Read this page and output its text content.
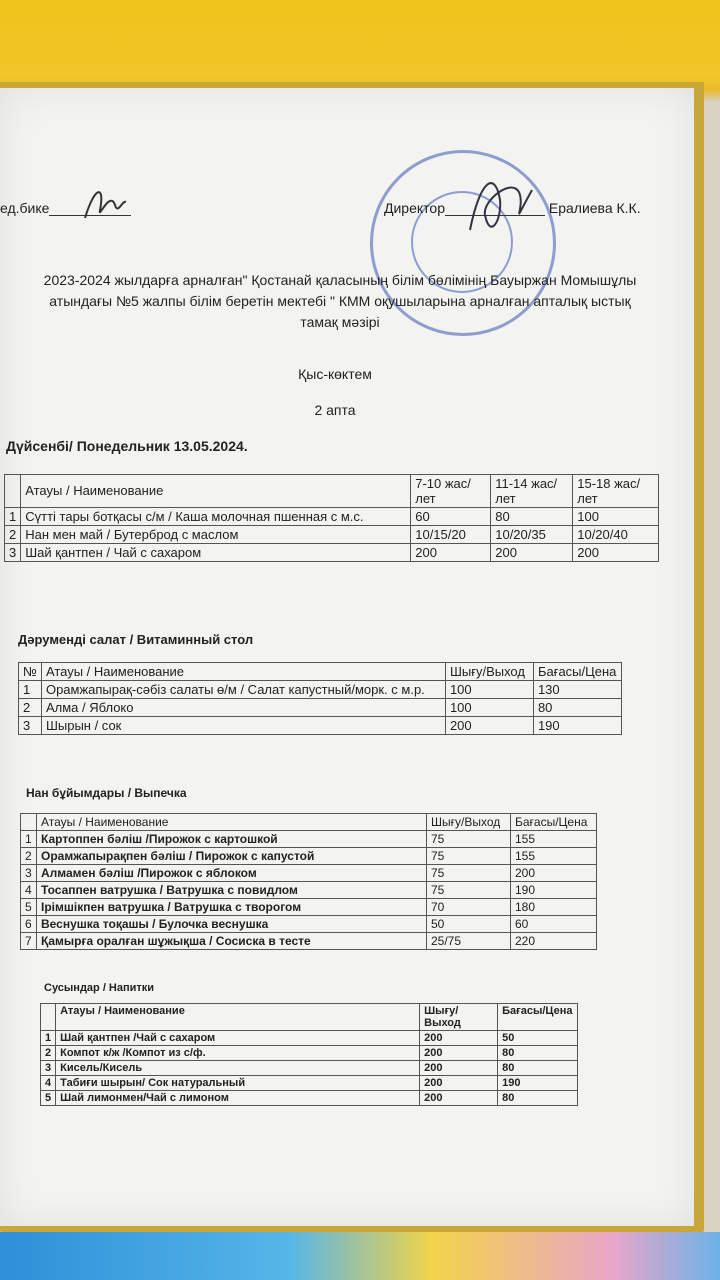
ед.бике	Директор	Ералиева К.К.
2023-2024 жылдарға арналған" Қостанай қаласының білім бөлімінің Бауыржан Момышұлы
атындағы №5 жалпы білім беретін мектебі " КММ оқушыларына арналған апталық ыстық
тамақ мәзірі
Қыс-көктем
2 апта
Дүйсенбі/ Понедельник 13.05.2024.
	Атауы / Наименование	7-10 жас/ лет	11-14 жас/ лет	15-18 жас/ лет
1	Сүтті тары ботқасы с/м / Каша молочная пшенная с м.с.	60	80	100
2	Нан мен май / Бутерброд с маслом	10/15/20	10/20/35	10/20/40
3	Шай қантпен / Чай с сахаром	200	200	200
Дәрумендi салат / Витаминный стол
№	Атауы / Наименование	Шығу/Выход	Бағасы/Цена
1	Орамжапырақ-сәбіз салаты ө/м / Салат капустный/морк. с м.р.	100	130
2	Алма / Яблоко	100	80
3	Шырын / сок	200	190
Нан бұйымдары / Выпечка
	Атауы / Наименование	Шығу/Выход	Бағасы/Цена
1	Картоппен бәліш /Пирожок с картошкой	75	155
2	Орамжапырақпен бәліш / Пирожок с капустой	75	155
3	Алмамен бәліш /Пирожок с яблоком	75	200
4	Тосаппен ватрушка / Ватрушка с повидлом	75	190
5	Ірімшікпен ватрушка / Ватрушка с творогом	70	180
6	Веснушка тоқашы / Булочка веснушка	50	60
7	Қамырға оралған шұжықша / Сосиска в тесте	25/75	220
Сусындар / Напитки
	Атауы / Наименование	Шығу/Выход	Бағасы/Цена
1	Шай қантпен /Чай с сахаром	200	50
2	Компот к/ж /Компот из с/ф.	200	80
3	Кисель/Кисель	200	80
4	Табиғи шырын/ Сок натуральный	200	190
5	Шай лимонмен/Чай с лимоном	200	80
